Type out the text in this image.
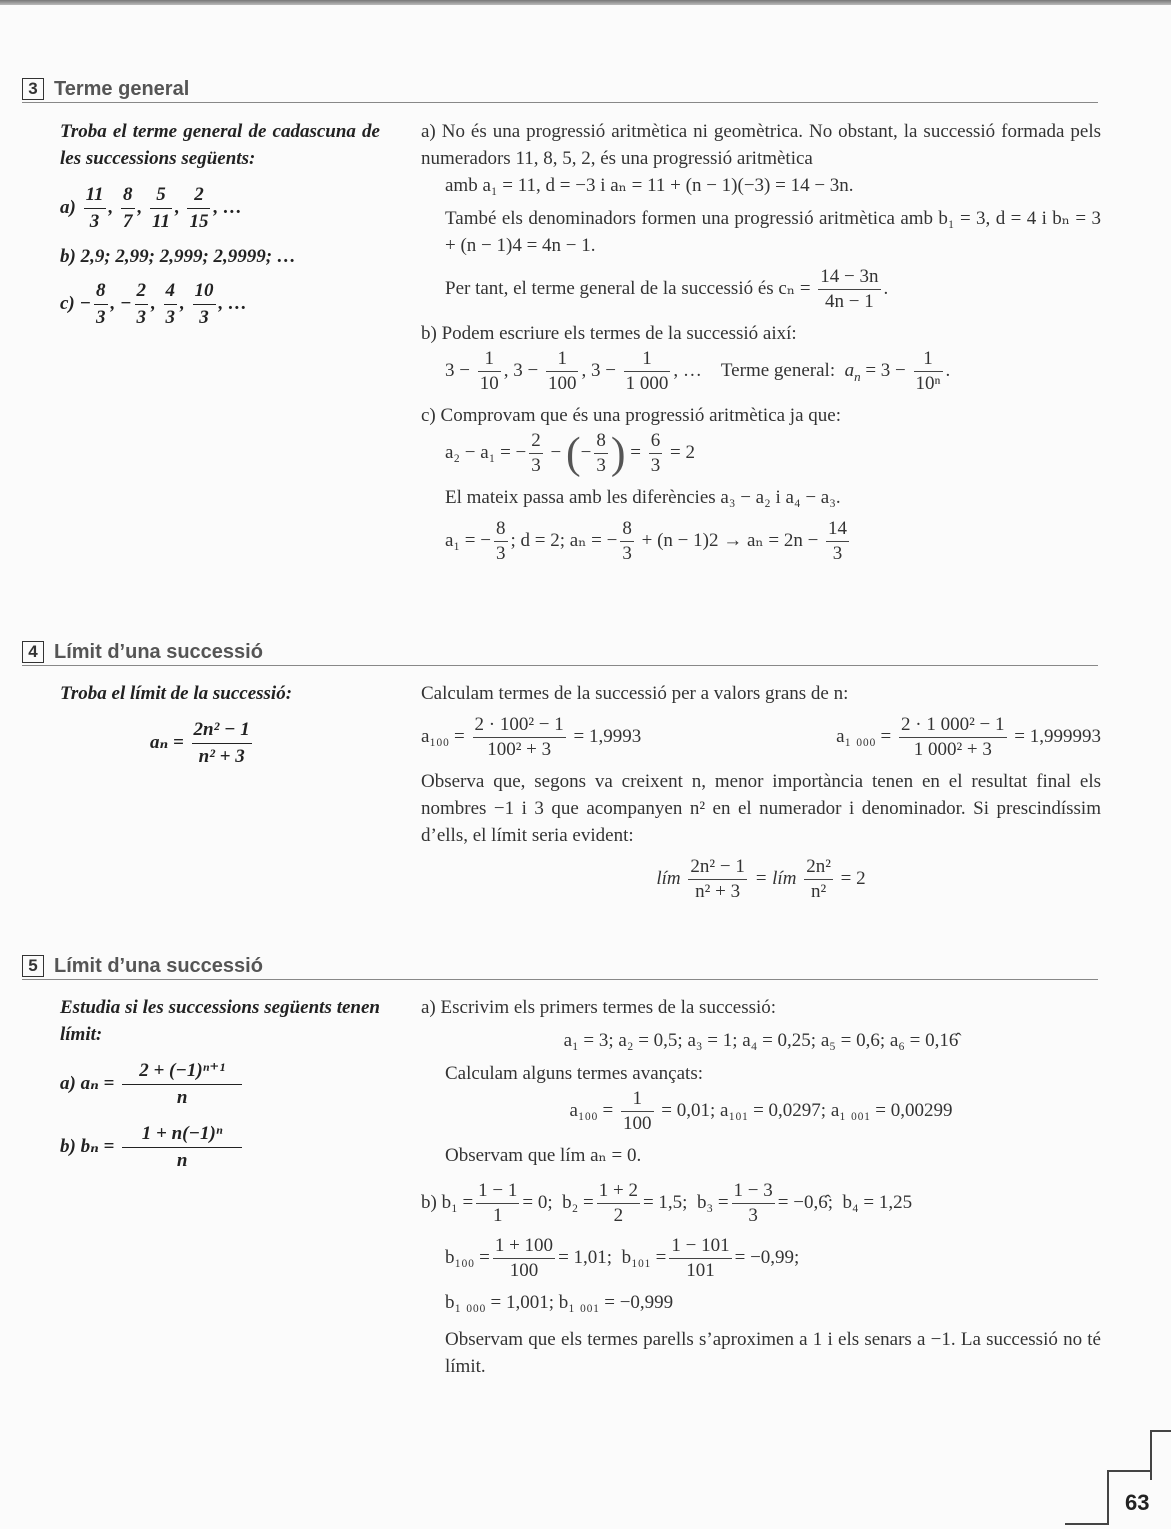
3 Terme general

Troba el terme general de cadascuna de les successions següents:

$a) \frac{11}{3}$ , $\frac{8}{7}$ , $\frac{5}{11}$ , $\frac{2}{15}$ , …

b) 2,9; 2,99; 2,999; 2,9999; …

$c) - \frac{8}{3}$ , − $\frac{2}{3}$ , $\frac{4}{3}$ , $\frac{10}{3}$ , …

a) No és una progressió aritmètica ni geomètrica. No obstant, la successió formada pels numeradors 11, 8, 5, 2, és una progressió aritmètica

amb a₁ = 11, d = −3 i aₙ = 11 + (n − 1)(−3) = 14 − 3n.

També els denominadors formen una progressió aritmètica amb b₁ = 3, d = 4 i bₙ = 3 + (n − 1)4 = 4n − 1.

Per tant, el terme general de la successió és $c_n = \frac{14 - 3n}{4n - 1}$ .

b) Podem escriure els termes de la successió així:

$3 - \frac{1}{10}$ , $3 - \frac{1}{100}$ , $3 - \frac{1}{1 000}$ , …    Terme general: $a_n = 3 - \frac{1}{\text{10ⁿ}}$ .

c) Comprovam que és una progressió aritmètica ja que:

a₂ − a₁ = − $\frac{2}{3}$ − (− $\frac{8}{3}$ ) = $\frac{6}{3} = 2$

El mateix passa amb les diferències a₃ − a₂ i a₄ − a₃.

a₁ = − $\frac{8}{3}$ ; d = 2; aₙ = − $\frac{8}{3} + (n - 1)2 \to a_n = 2n - \frac{14}{3}$

4 Límit d’una successió

Troba el límit de la successió:

$a_n = \frac{\text{2n² − 1}}{\text{n² + 3}}$

Calculam termes de la successió per a valors grans de n:

$a_{100} = \frac{\text{2 · 100² − 1}}{\text{100² + 3}} = 1,9993$	a₁ $_{000} = \frac{\text{2 · 1 000² − 1}}{\text{1 000² + 3}} = 1,999993$

Observa que, segons va creixent n, menor importància tenen en el resultat final els nombres −1 i 3 que acompanyen n² en el numerador i denominador. Si prescindíssim d’ells, el límit seria evident:

lím $\frac{\text{2n² − 1}}{\text{n² + 3}}$ = lím $\frac{\text{2n²}}{\text{n²}} = 2$

5 Límit d’una successió

Estudia si les successions següents tenen límit:

a) $a_n = \frac{\text{2 + (−1)ⁿ⁺¹}}{n}$
b) $b_n = \frac{\text{1 + n(−1)ⁿ}}{n}$

a) Escrivim els primers termes de la successió:

a₁ = 3; a₂ = 0,5; a₃ = 1; a₄ = 0,25; a₅ = 0,6; a₆ = 0,16̂

Calculam alguns termes avançats:

$a_{100} = \frac{1}{100} = 0,01$; a₁₀₁ = 0,0297; a₁ ₀₀₁ = 0,00299

Observam que lím aₙ = 0.

b) $b_1 = \frac{1 - 1}{1} = 0$; $b_2 = \frac{1 + 2}{2} = 1,5$; $b_3 = \frac{1 - 3}{3}$ = −0,6̂; b₄ = 1,25

$b_{100} = \frac{1 + 100}{100} = 1,01$; $b_{101} = \frac{1 - 101}{101} = -0,99$;

b₁ ₀₀₀ = 1,001; b₁ ₀₀₁ = −0,999

Observam que els termes parells s’aproximen a 1 i els senars a −1. La successió no té límit.

63
